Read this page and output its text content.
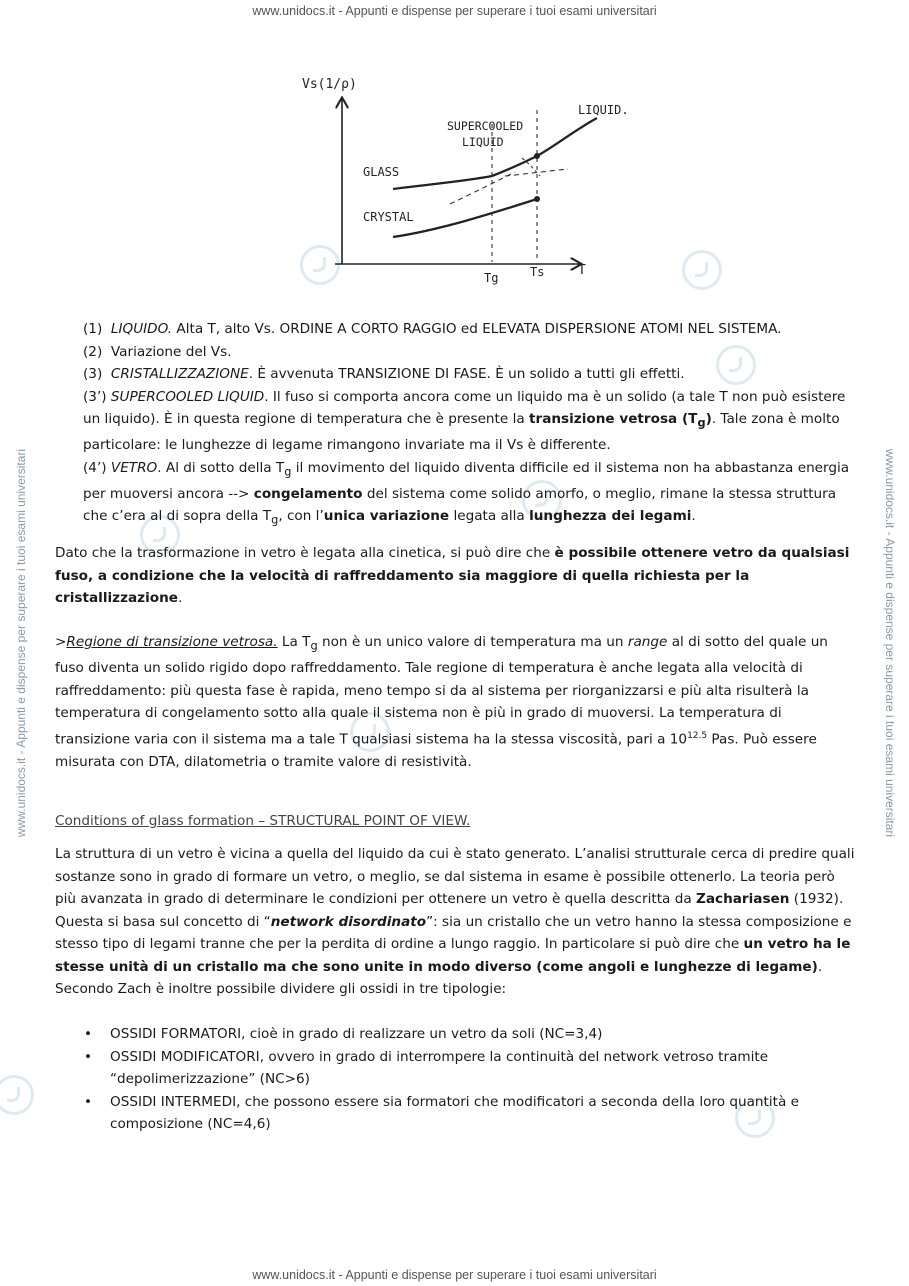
www.unidocs.it - Appunti e dispense per superare i tuoi esami universitari
www.unidocs.it - Appunti e dispense per superare i tuoi esami universitari
www.unidocs.it - Appunti e dispense per superare i tuoi esami universitari	www.unidocs.it - Appunti e dispense per superare i tuoi esami universitari
Vs(1/ρ)
T
LIQUID.
SUPERCOOLED
LIQUID
GLASS
CRYSTAL
Tg	Ts

(1) LIQUIDO. Alta T, alto Vs. ORDINE A CORTO RAGGIO ed ELEVATA DISPERSIONE ATOMI NEL SISTEMA.
(2) Variazione del Vs.
(3) CRISTALLIZZAZIONE. È avvenuta TRANSIZIONE DI FASE. È un solido a tutti gli effetti.
(3’) SUPERCOOLED LIQUID. Il fuso si comporta ancora come un liquido ma è un solido (a tale T non può esistere un liquido). È in questa regione di temperatura che è presente la transizione vetrosa $(T_g)$. Tale zona è molto particolare: le lunghezze di legame rimangono invariate ma il Vs è differente.
(4’) VETRO. Al di sotto della $T_g$ il movimento del liquido diventa difficile ed il sistema non ha abbastanza energia per muoversi ancora --> congelamento del sistema come solido amorfo, o meglio, rimane la stessa struttura che c’era al di sopra della $T_g$, con l’unica variazione legata alla lunghezza dei legami.

Dato che la trasformazione in vetro è legata alla cinetica, si può dire che è possibile ottenere vetro da qualsiasi fuso, a condizione che la velocità di raffreddamento sia maggiore di quella richiesta per la cristallizzazione.

>Regione di transizione vetrosa. La $T_g$ non è un unico valore di temperatura ma un range al di sotto del quale un fuso diventa un solido rigido dopo raffreddamento. Tale regione di temperatura è anche legata alla velocità di raffreddamento: più questa fase è rapida, meno tempo si da al sistema per riorganizzarsi e più alta risulterà la temperatura di congelamento sotto alla quale il sistema non è più in grado di muoversi. La temperatura di transizione varia con il sistema ma a tale T qualsiasi sistema ha la stessa viscosità, pari a $10^{12.5}$ Pas. Può essere misurata con DTA, dilatometria o tramite valore di resistività.

Conditions of glass formation – STRUCTURAL POINT OF VIEW.

La struttura di un vetro è vicina a quella del liquido da cui è stato generato. L’analisi strutturale cerca di predire quali sostanze sono in grado di formare un vetro, o meglio, se dal sistema in esame è possibile ottenerlo. La teoria però più avanzata in grado di determinare le condizioni per ottenere un vetro è quella descritta da Zachariasen (1932). Questa si basa sul concetto di “network disordinato”: sia un cristallo che un vetro hanno la stessa composizione e stesso tipo di legami tranne che per la perdita di ordine a lungo raggio. In particolare si può dire che un vetro ha le stesse unità di un cristallo ma che sono unite in modo diverso (come angoli e lunghezze di legame).
Secondo Zach è inoltre possibile dividere gli ossidi in tre tipologie:

• OSSIDI FORMATORI, cioè in grado di realizzare un vetro da soli (NC=3,4)
• OSSIDI MODIFICATORI, ovvero in grado di interrompere la continuità del network vetroso tramite “depolimerizzazione” (NC>6)
• OSSIDI INTERMEDI, che possono essere sia formatori che modificatori a seconda della loro quantità e composizione (NC=4,6)
